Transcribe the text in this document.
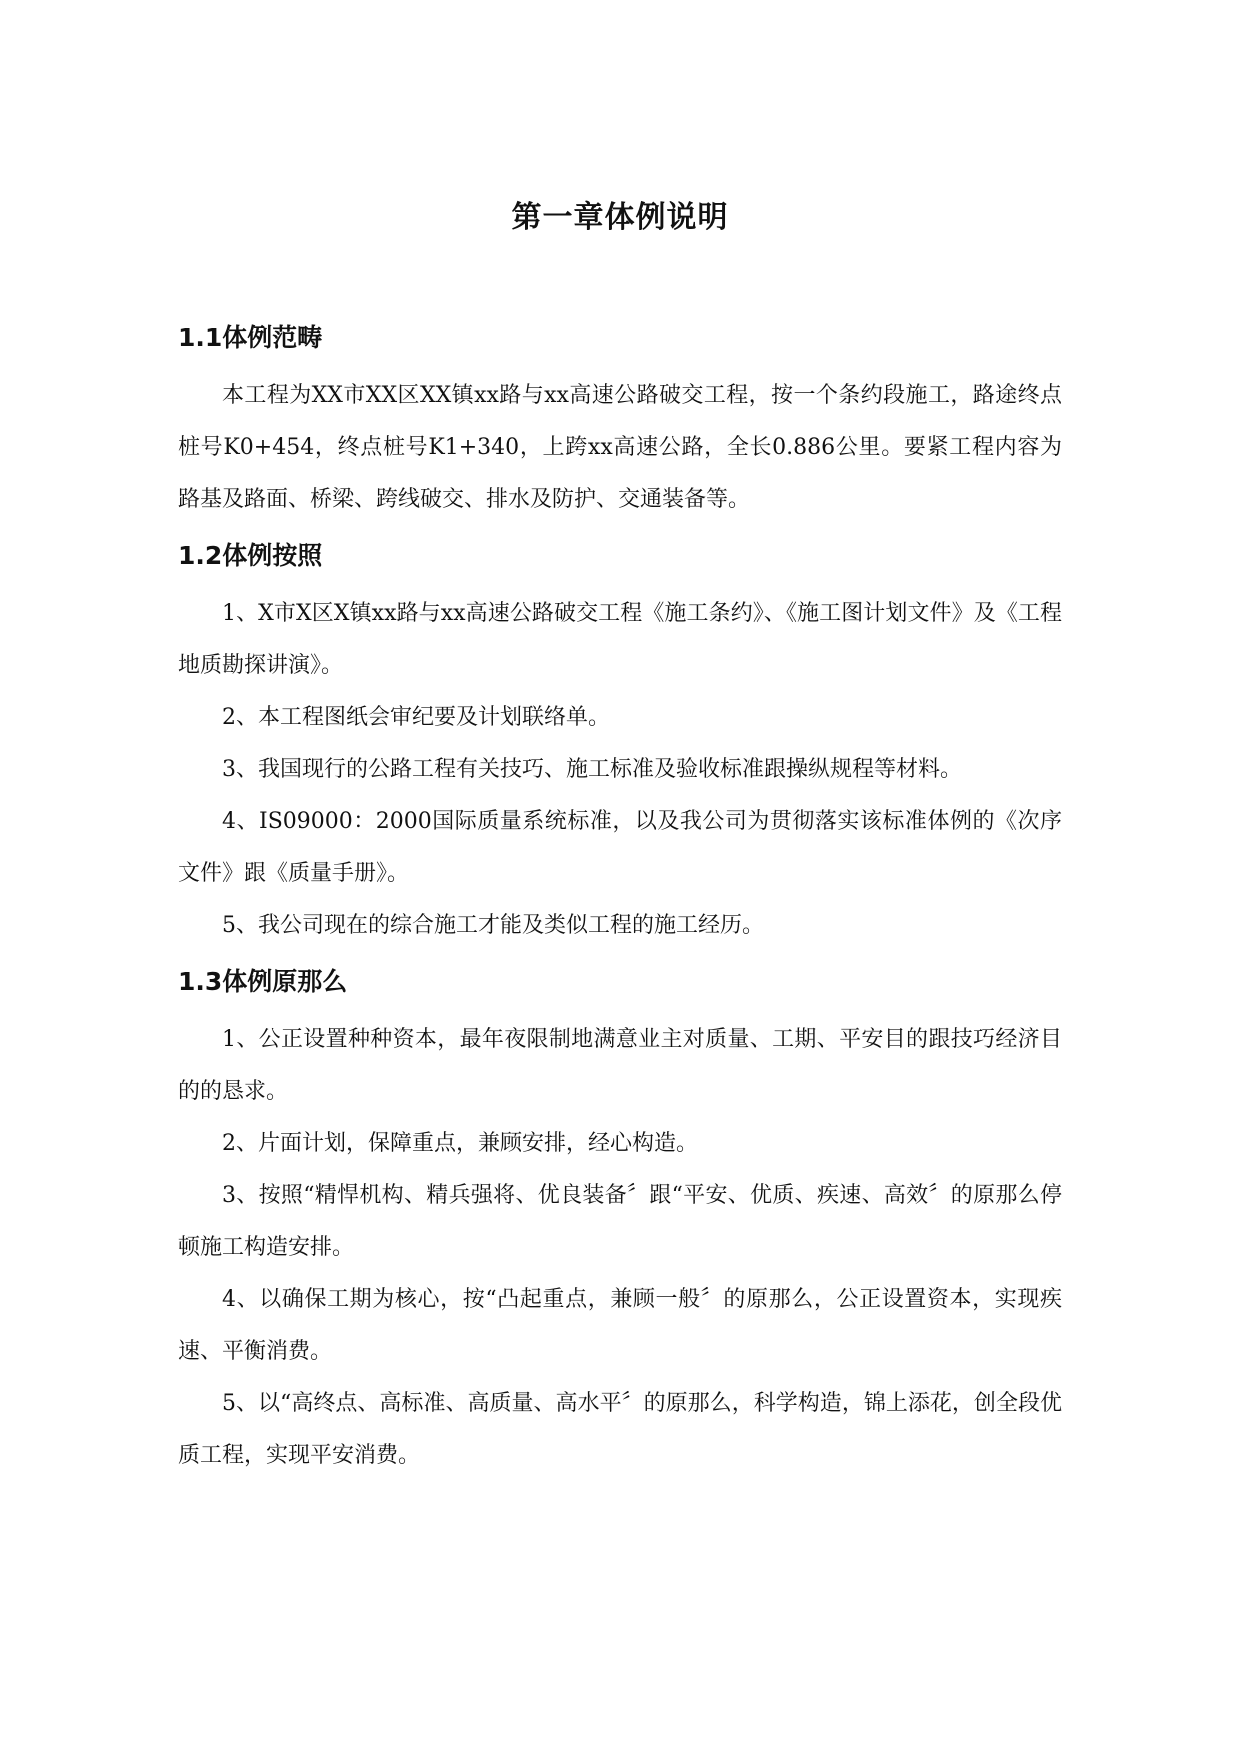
第一章体例说明
1.1体例范畴

本工程为XX市XX区XX镇xx路与xx高速公路破交工程，按一个条约段施工，路途终点桩号K0+454，终点桩号K1+340，上跨xx高速公路，全长0.886公里。要紧工程内容为路基及路面、桥梁、跨线破交、排水及防护、交通装备等。

1.2体例按照

1、X市X区X镇xx路与xx高速公路破交工程《施工条约》、《施工图计划文件》及《工程地质勘探讲演》。

2、本工程图纸会审纪要及计划联络单。

3、我国现行的公路工程有关技巧、施工标准及验收标准跟操纵规程等材料。

4、IS09000：2000国际质量系统标准，以及我公司为贯彻落实该标准体例的《次序文件》跟《质量手册》。

5、我公司现在的综合施工才能及类似工程的施工经历。

1.3体例原那么

1、公正设置种种资本，最年夜限制地满意业主对质量、工期、平安目的跟技巧经济目的的恳求。

2、片面计划，保障重点，兼顾安排，经心构造。

3、按照“精悍机构、精兵强将、优良装备〞跟“平安、优质、疾速、高效〞的原那么停顿施工构造安排。

4、以确保工期为核心，按“凸起重点，兼顾一般〞的原那么，公正设置资本，实现疾速、平衡消费。

5、以“高终点、高标准、高质量、高水平〞的原那么，科学构造，锦上添花，创全段优质工程，实现平安消费。
